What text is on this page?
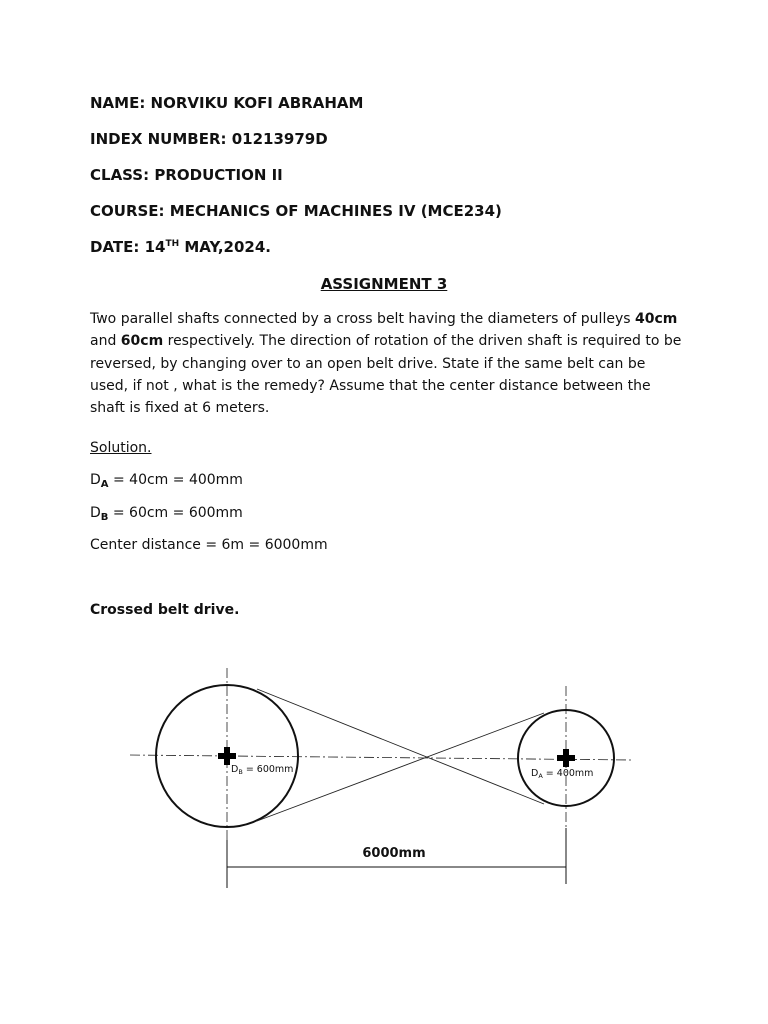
NAME: NORVIKU KOFI ABRAHAM
INDEX NUMBER: 01213979D
CLASS: PRODUCTION II
COURSE: MECHANICS OF MACHINES IV (MCE234)
DATE: 14TH MAY,2024.
ASSIGNMENT 3
Two parallel shafts connected by a cross belt having the diameters of pulleys 40cm and 60cm respectively. The direction of rotation of the driven shaft is required to be reversed, by changing over to an open belt drive. State if the same belt can be used, if not , what is the remedy? Assume that the center distance between the shaft is fixed at 6 meters.
Solution.
$D_A = 40cm = 400mm$
$D_B = 60cm = 600mm$
Center distance = 6m = 6000mm
Crossed belt drive.
$D_B = 600mm$	$D_A = 400mm$
6000mm
